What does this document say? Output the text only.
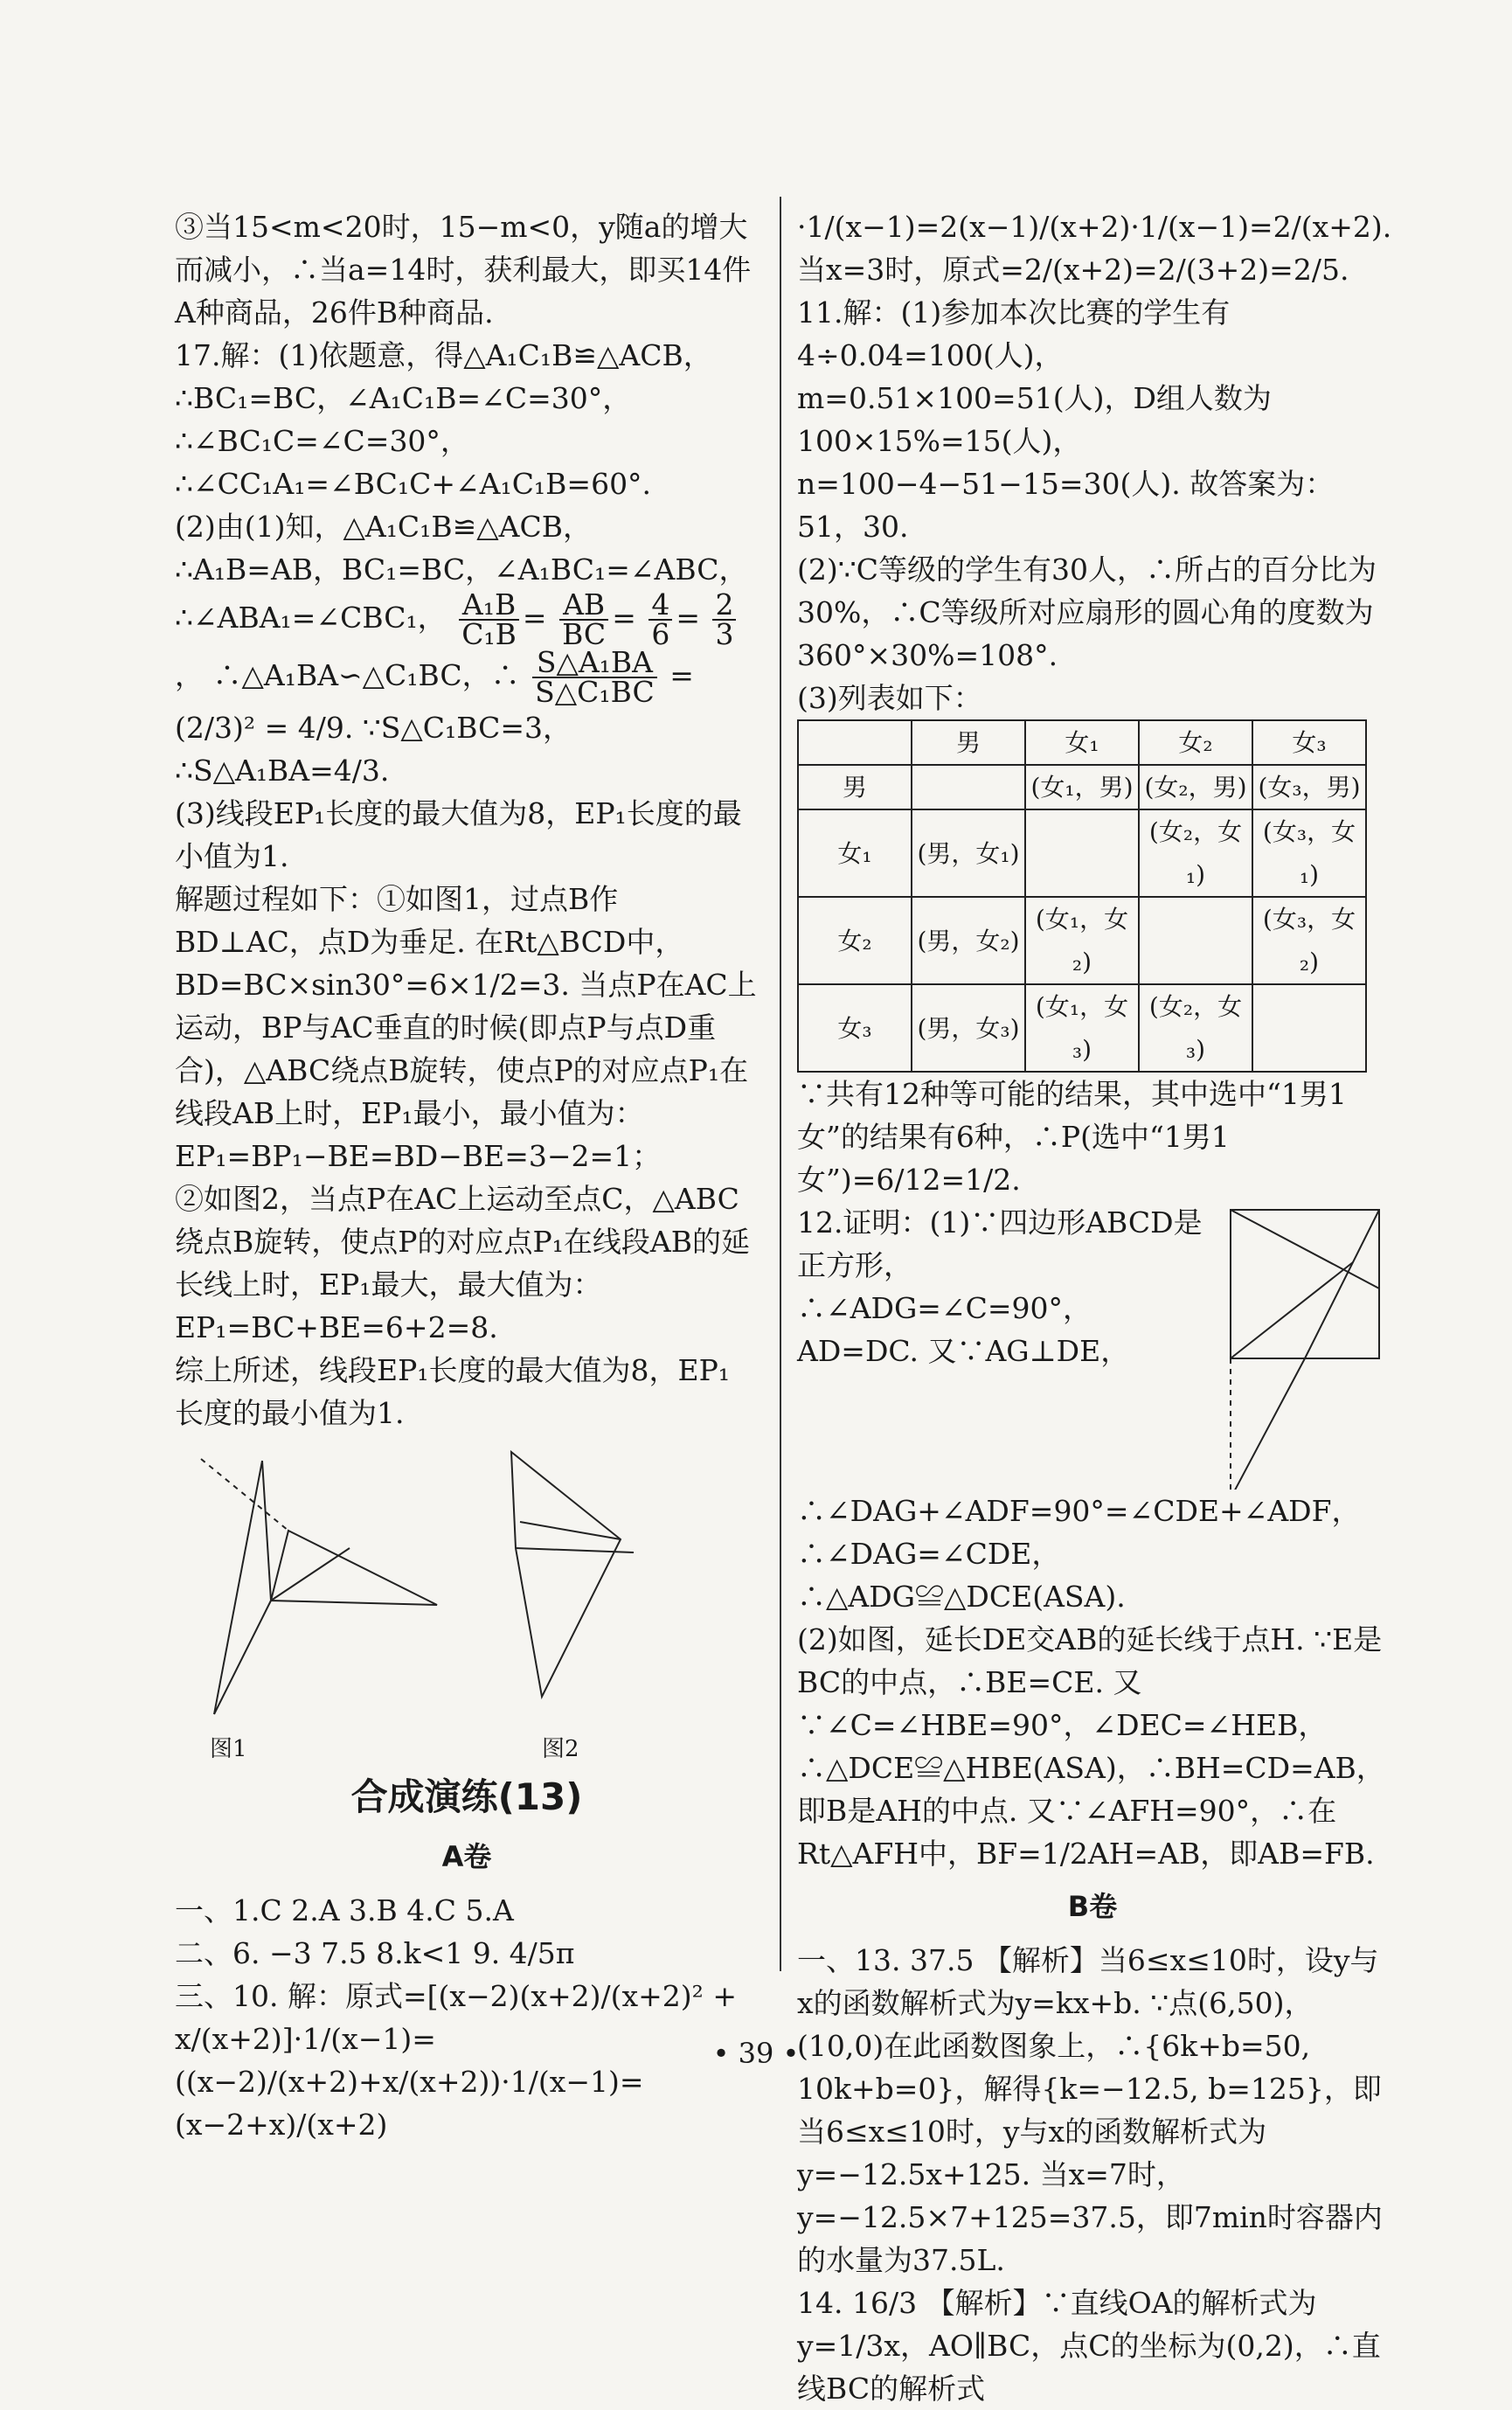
③当15<m<20时，15−m<0，y随a的增大而减小，∴当a=14时，获利最大，即买14件A种商品，26件B种商品.

17.解：(1)依题意，得△A₁C₁B≌△ACB，∴BC₁=BC，∠A₁C₁B=∠C=30°，∴∠BC₁C=∠C=30°，∴∠CC₁A₁=∠BC₁C+∠A₁C₁B=60°.

(2)由(1)知，△A₁C₁B≌△ACB，∴A₁B=AB，BC₁=BC，∠A₁BC₁=∠ABC，∴∠ABA₁=∠CBC₁， $\frac{\text{A₁B}}{\text{C₁B}} = \frac{AB}{BC} = \frac{4}{6} = \frac{2}{3}$
， ∴△A₁BA∽△C₁BC，∴ $\frac{\text{S△A₁BA}}{\text{S△C₁BC}} =(2/3)^2 = 4/9$. ∵S△C₁BC=3，∴S△A₁BA=4/3.

(3)线段EP₁长度的最大值为8，EP₁长度的最小值为1.

解题过程如下：①如图1，过点B作BD⊥AC，点D为垂足. 在Rt△BCD中，BD=BC×sin30°=6×1/2=3. 当点P在AC上运动，BP与AC垂直的时候(即点P与点D重合)，△ABC绕点B旋转，使点P的对应点P₁在线段AB上时，EP₁最小，最小值为：EP₁=BP₁−BE=BD−BE=3−2=1；

②如图2，当点P在AC上运动至点C，△ABC绕点B旋转，使点P的对应点P₁在线段AB的延长线上时，EP₁最大，最大值为：EP₁=BC+BE=6+2=8.

综上所述，线段EP₁长度的最大值为8，EP₁长度的最小值为1.

图1	图2
合成演练(13)
A卷

一、1.C 2.A 3.B 4.C 5.A

二、6. −3 7.5 8.k<1 9. 4/5π

三、10. 解：原式=[(x−2)(x+2)/(x+2)² + x/(x+2)]·1/(x−1)=((x−2)/(x+2)+x/(x+2))·1/(x−1)=(x−2+x)/(x+2)

·1/(x−1)=2(x−1)/(x+2)·1/(x−1)=2/(x+2). 当x=3时，原式=2/(x+2)=2/(3+2)=2/5.

11.解：(1)参加本次比赛的学生有4÷0.04=100(人)，m=0.51×100=51(人)，D组人数为100×15%=15(人)，n=100−4−51−15=30(人). 故答案为：51，30.

(2)∵C等级的学生有30人，∴所占的百分比为30%，∴C等级所对应扇形的圆心角的度数为360°×30%=108°.

(3)列表如下：

	男	女₁	女₂	女₃
男		(女₁，男)	(女₂，男)	(女₃，男)
女₁	(男，女₁)		(女₂，女₁)	(女₃，女₁)
女₂	(男，女₂)	(女₁，女₂)		(女₃，女₂)
女₃	(男，女₃)	(女₁，女₃)	(女₂，女₃)	

∵共有12种等可能的结果，其中选中“1男1女”的结果有6种，∴P(选中“1男1女”)=6/12=1/2.

12.证明：(1)∵四边形ABCD是正方形，∴∠ADG=∠C=90°，AD=DC. 又∵AG⊥DE，∴∠DAG+∠ADF=90°=∠CDE+∠ADF，∴∠DAG=∠CDE，∴△ADG≌△DCE(ASA).

(2)如图，延长DE交AB的延长线于点H. ∵E是BC的中点，∴BE=CE. 又∵∠C=∠HBE=90°，∠DEC=∠HEB，∴△DCE≌△HBE(ASA)，∴BH=CD=AB，即B是AH的中点. 又∵∠AFH=90°，∴在Rt△AFH中，BF=1/2AH=AB，即AB=FB.

B卷

一、13. 37.5 【解析】当6≤x≤10时，设y与x的函数解析式为y=kx+b. ∵点(6,50)，(10,0)在此函数图象上，∴{6k+b=50, 10k+b=0}，解得{k=−12.5, b=125}，即当6≤x≤10时，y与x的函数解析式为y=−12.5x+125. 当x=7时，y=−12.5×7+125=37.5，即7min时容器内的水量为37.5L.

14. 16/3 【解析】∵直线OA的解析式为y=1/3x，AO∥BC，点C的坐标为(0,2)，∴直线BC的解析式

• 39 •
